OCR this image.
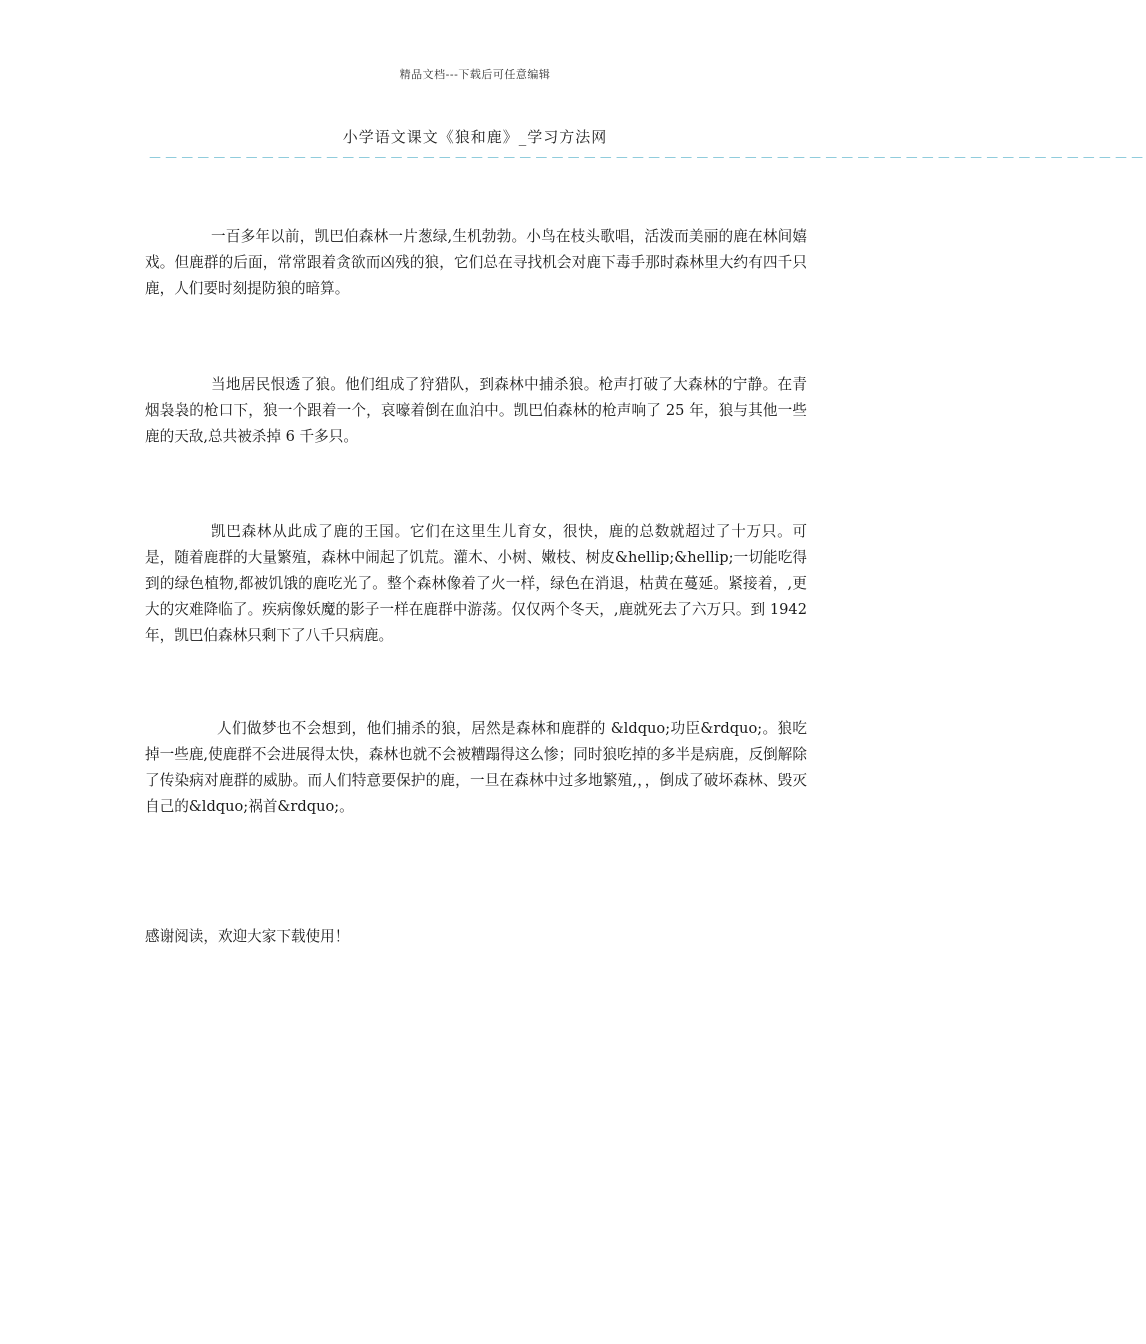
精品文档---下载后可任意编辑
小学语文课文《狼和鹿》_学习方法网
－－－－－－－－－－－－－－－－－－－－－－－－－－－－－－－－－－－－－－－－－－－－－－－－－－－－－－－－－－－－－－

一百多年以前，凯巴伯森林一片葱绿,生机勃勃。小鸟在枝头歌唱，活泼而美丽的鹿在林间嬉戏。但鹿群的后面，常常跟着贪欲而凶残的狼，它们总在寻找机会对鹿下毒手那时森林里大约有四千只鹿，人们要时刻提防狼的暗算。

当地居民恨透了狼。他们组成了狩猎队，到森林中捕杀狼。枪声打破了大森林的宁静。在青烟袅袅的枪口下，狼一个跟着一个，哀嚎着倒在血泊中。凯巴伯森林的枪声响了 25 年，狼与其他一些鹿的天敌,总共被杀掉 6 千多只。

凯巴森林从此成了鹿的王国。它们在这里生儿育女，很快，鹿的总数就超过了十万只。可是，随着鹿群的大量繁殖，森林中闹起了饥荒。灌木、小树、嫩枝、树皮&hellip;&hellip;一切能吃得到的绿色植物,都被饥饿的鹿吃光了。整个森林像着了火一样，绿色在消退，枯黄在蔓延。紧接着，,更大的灾难降临了。疾病像妖魔的影子一样在鹿群中游荡。仅仅两个冬天，,鹿就死去了六万只。到 1942 年，凯巴伯森林只剩下了八千只病鹿。

人们做梦也不会想到，他们捕杀的狼，居然是森林和鹿群的 &ldquo;功臣&rdquo;。狼吃掉一些鹿,使鹿群不会进展得太快，森林也就不会被糟蹋得这么惨；同时狼吃掉的多半是病鹿，反倒解除了传染病对鹿群的威胁。而人们特意要保护的鹿，一旦在森林中过多地繁殖,，，倒成了破坏森林、毁灭自己的&ldquo;祸首&rdquo;。

感谢阅读，欢迎大家下载使用！
